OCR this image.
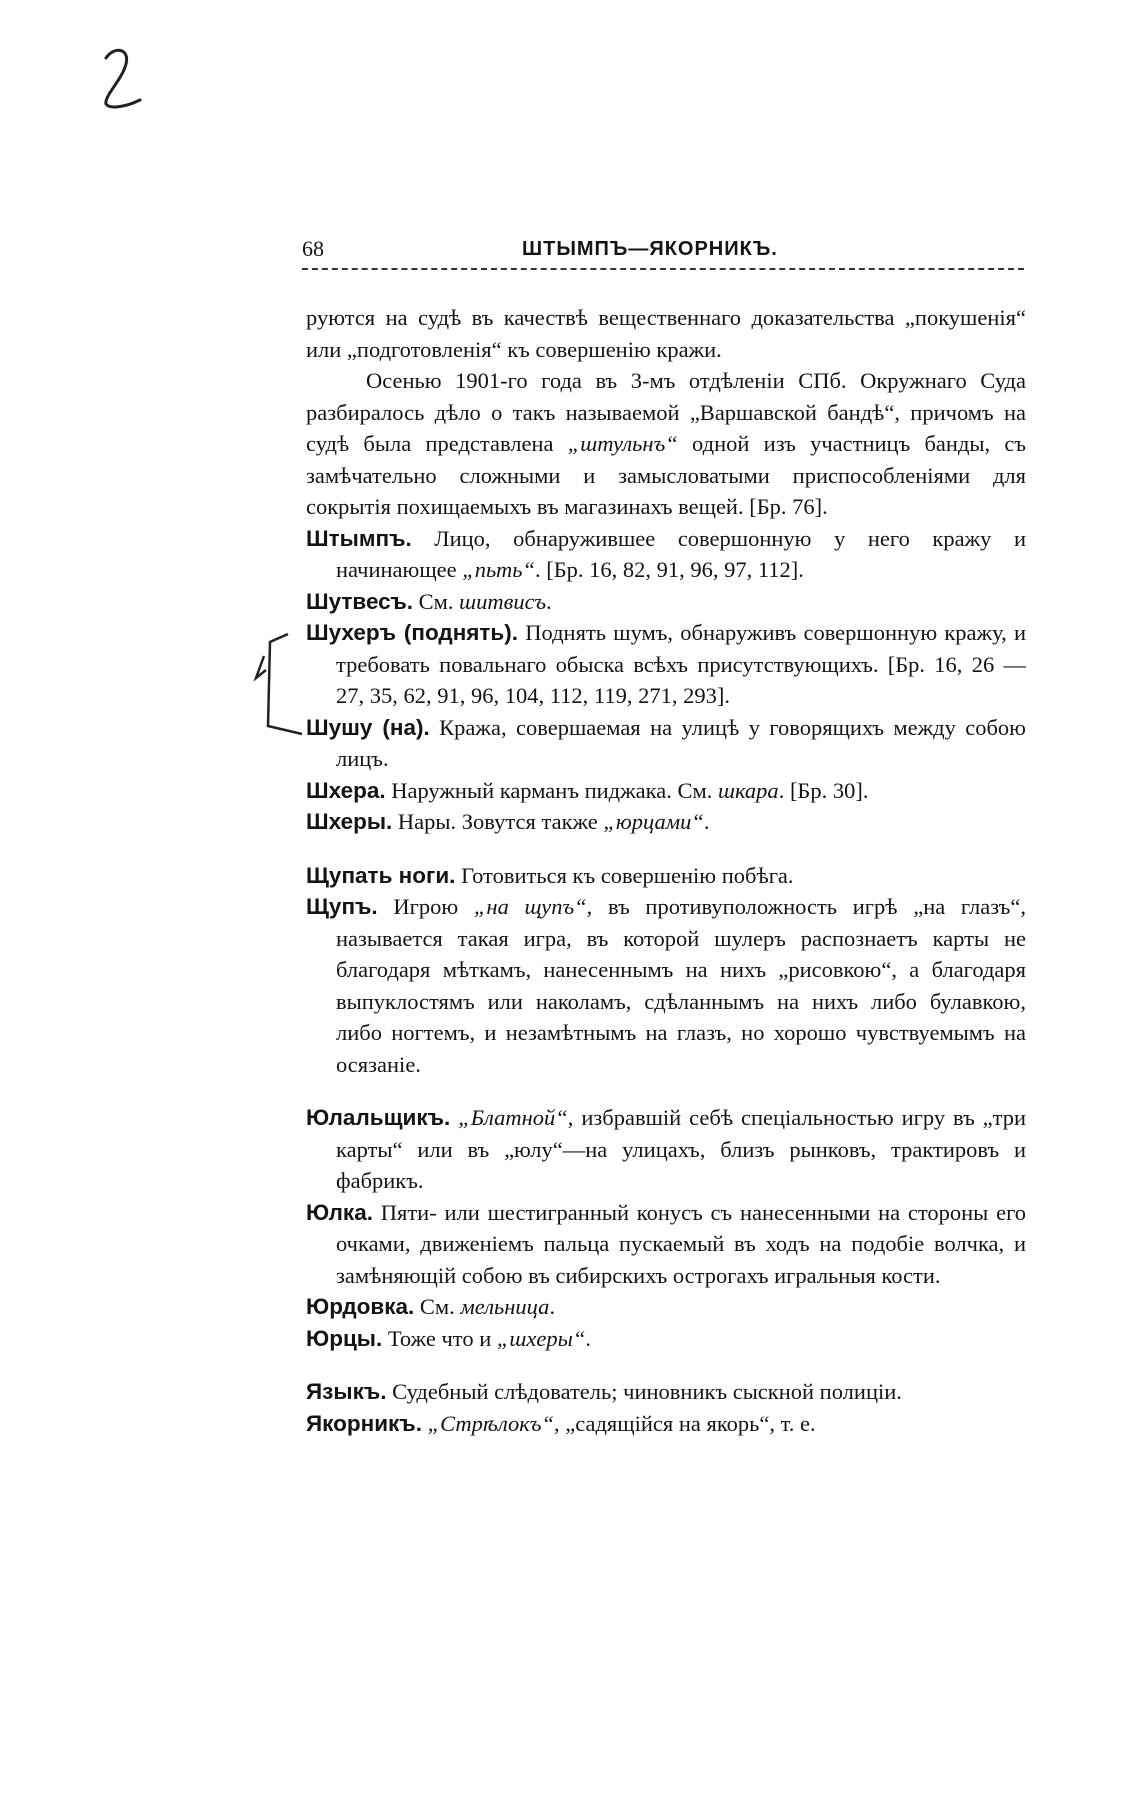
2
68	ШТЫМПЪ—ЯКОРНИКЪ.

руются на судѣ въ качествѣ вещественнаго доказательства „покушенія“ или „подготовленія“ къ совершенію кражи.

Осенью 1901-го года въ 3-мъ отдѣленіи СПб. Окружнаго Суда разбиралось дѣло о такъ называемой „Варшавской бандѣ“, причомъ на судѣ была представлена „штульнъ“ одной изъ участницъ банды, съ замѣчательно сложными и замысловатыми приспособленіями для сокрытія похищаемыхъ въ магазинахъ вещей. [Бр. 76].

Штымпъ. Лицо, обнаружившее совершонную у него кражу и начинающее „пьть“. [Бр. 16, 82, 91, 96, 97, 112].

Шутвесъ. См. шитвисъ.

Шухеръ (поднять). Поднять шумъ, обнаруживъ совершонную кражу, и требовать повальнаго обыска всѣхъ присутствующихъ. [Бр. 16, 26 — 27, 35, 62, 91, 96, 104, 112, 119, 271, 293].

Шушу (на). Кража, совершаемая на улицѣ у говорящихъ между собою лицъ.

Шхера. Наружный карманъ пиджака. См. шкара. [Бр. 30].

Шхеры. Нары. Зовутся также „юрцами“.

Щупать ноги. Готовиться къ совершенію побѣга.

Щупъ. Игрою „на щупъ“, въ противуположность игрѣ „на глазъ“, называется такая игра, въ которой шулеръ распознаетъ карты не благодаря мѣткамъ, нанесеннымъ на нихъ „рисовкою“, а благодаря выпуклостямъ или наколамъ, сдѣланнымъ на нихъ либо булавкою, либо ногтемъ, и незамѣтнымъ на глазъ, но хорошо чувствуемымъ на осязаніе.

Юлальщикъ. „Блатной“, избравшій себѣ спеціальностью игру въ „три карты“ или въ „юлу“—на улицахъ, близъ рынковъ, трактировъ и фабрикъ.

Юлка. Пяти- или шестигранный конусъ съ нанесенными на стороны его очками, движеніемъ пальца пускаемый въ ходъ на подобіе волчка, и замѣняющій собою въ сибирскихъ острогахъ игральныя кости.

Юрдовка. См. мельница.

Юрцы. Тоже что и „шхеры“.

Языкъ. Судебный слѣдователь; чиновникъ сыскной полиціи.

Якорникъ. „Стрѣлокъ“, „садящійся на якорь“, т. е.
